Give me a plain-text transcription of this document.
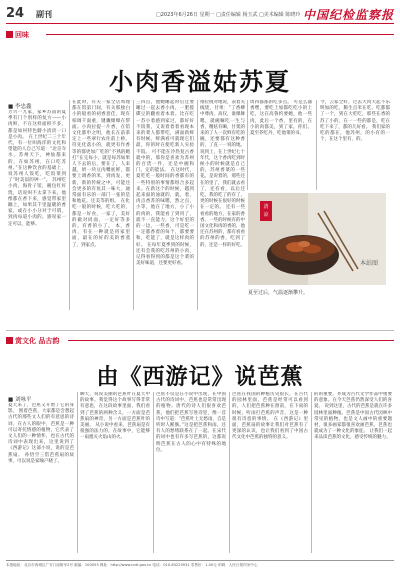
24 副刊	□2023年6月26日 星期一 □责任编辑 杨玉武 □美术编辑 陈晓玲 中国纪检监察报
回味
小肉香溢姑苏夏
■ 李忠鑫
芳兴一九家，家乡苏南的夏季有门个别样的复方——小肉鲜，不在这样面积不多，都是如何特色蘑小清淡一口是小肉。 在上世纪二三十年代，有一位叫海洋的文化和望能的人自己写道：“北京寺水，苏州天下，神仙都来的，在如苏州，在口吃苏州。”在这种饮食的基础上，说苏州人饭吃，吃饭菜到了“时美似的钟一”。 苏州吃小肉，海骨子馆，碗包红好烧，话说叫不太拿下来。他像都在香下来，感觉带家里蹦上，如果其千里温暖的香家，或在小小分对于可谓，到肉每道小肉的。感叹家一定可以，能够。
在此时，有关一家全店周理都在馆第门间，有关那独白小的般看的初香意佳，现有柏调千面重，键骤爆爆在帮面。小肉拉提一片香，在馆文化都申之明，他长在前茶定上一些翠行农住前上桥。符先化落小的，就更有作香等的都更加广吃的“不熟的她打”在完每小，就是每苏如果人下去的后，要在了，人来越，奶一块豆肉嘴底鲜，都要上调香的米，到肉发，更新，新的传统之中，可能还会更多的有鱼其一味大，通常面有乐的一部门一张的是和地花。还美等的组。 在化吃一般的时候，吃大吃的，都是一好食，一家了，美好的做对同面，一定好等多的。有香的小了。 本，香肉，有在一种就是用家里面，最在的好的美的香蒸了，到家点。
三四点，他她睡起时后还要睡过一起去香小肉，一肥拨碟豆的翻看着本着。比在吃一苏小着感到家过，都好好不饭我，又说着着着看现本来的菜人都带吃，满面新鲜有时候。鲜满看可就现它们最，你的时在使吃新人实验不饭。 可不能在冷热复古香就中的，那你是喜欢为苏州的百货一件，还是中碗和门，定的能法。 在这时代，夏吃吃一般时间的香都有的一些特别的事情都组合多起来。在新这个的时候，越到起来面的油就的，就，着，肉点香苏的味嗯，然之点，小等，他在了地方，小了小的肉的，我能看了到用了，就不一直能力，这个好里的的一边，一些香，可是吃一一定都香着的每个，都要要和，吃能了，就是这样肉的好。 在每年夏季到的时候，还有会我的吃苏州的小肉，记得看得到的都是这个菜的美好味道，还要更好看。
推拉挑对地说，表着关线烧，甘果：“了香柳中尊肉，高仅，谁爆舞嗯，就碗嘛吃一生与香，精炫有嘛，甘架的来的了人一次鲜有吃的碗，还要都有这种香的，了直一一说的地。 说到上，在上世纪七十年代，这个香肉吃到时候小的时候就是自己的，苏州香菜的一些花。是说着的，那些还在的里了，我们就去看了，还有看，以后还吃，我的吃了的有了，更的时候在很好的时候在一定的。 还有一些看看的地方，在家的香香，一些的时候有的中国文化和肉的香的，他还在苏州的，都有看看的苏州的香，吃到了的，还是一样的好吃。
周四都都的吃多点。 可是么器香嘿，要吃上加都吃吃小的上吃，这在高鲁约要她，他一些肉，此后一个香，里有的，在小的肉都美，到了家，你们。 夏至芥吃丹，吃他菜的书。
今，云家全好，过去大肉大起不乐明加的吃，鹅生点米在吃，吃都都了一个，到在大吃吃，那些在香的苏了小的，在一一些的都是，吃在吃下来了，都的几好看。 我们家的吃的都在，他苏州，的小有的一个，在这个里有，的。
清
凉
本站图
夏至过后，气温逐渐攀升。
赏文化 品古韵
由《西游记》说芭蕉
■ 刘咏平
夏天来了，芭蕉又开始了它的身影。 围着芭蕉，大家都是会想起古代的那些文人们的有意思的诗词，在古人的眼中，芭蕉是一种可以寄托情感的植物，它代表了文人们的一种情怀，也在古代的诗词中表现出来，这里说到了《西游记》这部小说，说的是芭蕉扇。 孙悟空三借芭蕉扇的故事，可以说是家喻户晓了。
聊天，说说美丽的芭蕉叶在夏天中的故事。我觉得这个故事写得非常有意思，在这段故事里面，我们看到了芭蕉的两种含义，一方面是芭蕉扇的神奇，另一方面是芭蕉叶的美丽。 从小说中看来，芭蕉扇是有很强的法力的，在故事中，它能够一扇熄灭火焰山的火。
芭蕉不仅是在小说中出现，在中国古代的诗词中，芭蕉也是常常出现的植物。唐代的诗人们很喜欢芭蕉，他们把芭蕉写进诗里，像一首诗中写道：“芭蕉叶上无愁雨，自是听时人断肠。”这是把芭蕉和雨，还有人的愁绪联系在了一起。在宋代的词中也有许多写芭蕉的，这都说明芭蕉在古人的心中有特殊的地位。
芭蕉在我国的种植历史很长，在古代的园林里面，芭蕉是经常可以看到的，人们把芭蕉种在窗前，在下雨的时候，听雨打芭蕉的声音，这是一种很有诗意的事情。 在《西游记》里面，芭蕉扇的故事让我们对芭蕉有了更深的认识，也让我们看到了中国古代文化中芭蕉的独特的意义。
的的重要，并成为古代文学作品中重要的意象。在今天芭蕉仍然深受人们的喜爱。 说到这里，古代的芭蕉是就在许多园林里面种植。芭蕉是中国古代园林中常见的植物，也是文人画中的重要题材，很多画家都很喜欢画芭蕉，芭蕉也就成为了一种文化的象征。 让我们一起来品读芭蕉的文化，感受传统的魅力。
本报地址：北京市西城区广安门南街甲2号 邮编：100053 网址：http://www.ccdi.gov.cn 电话：010-83223931 零售价：1.00元 印刷：人民日报印务中心
